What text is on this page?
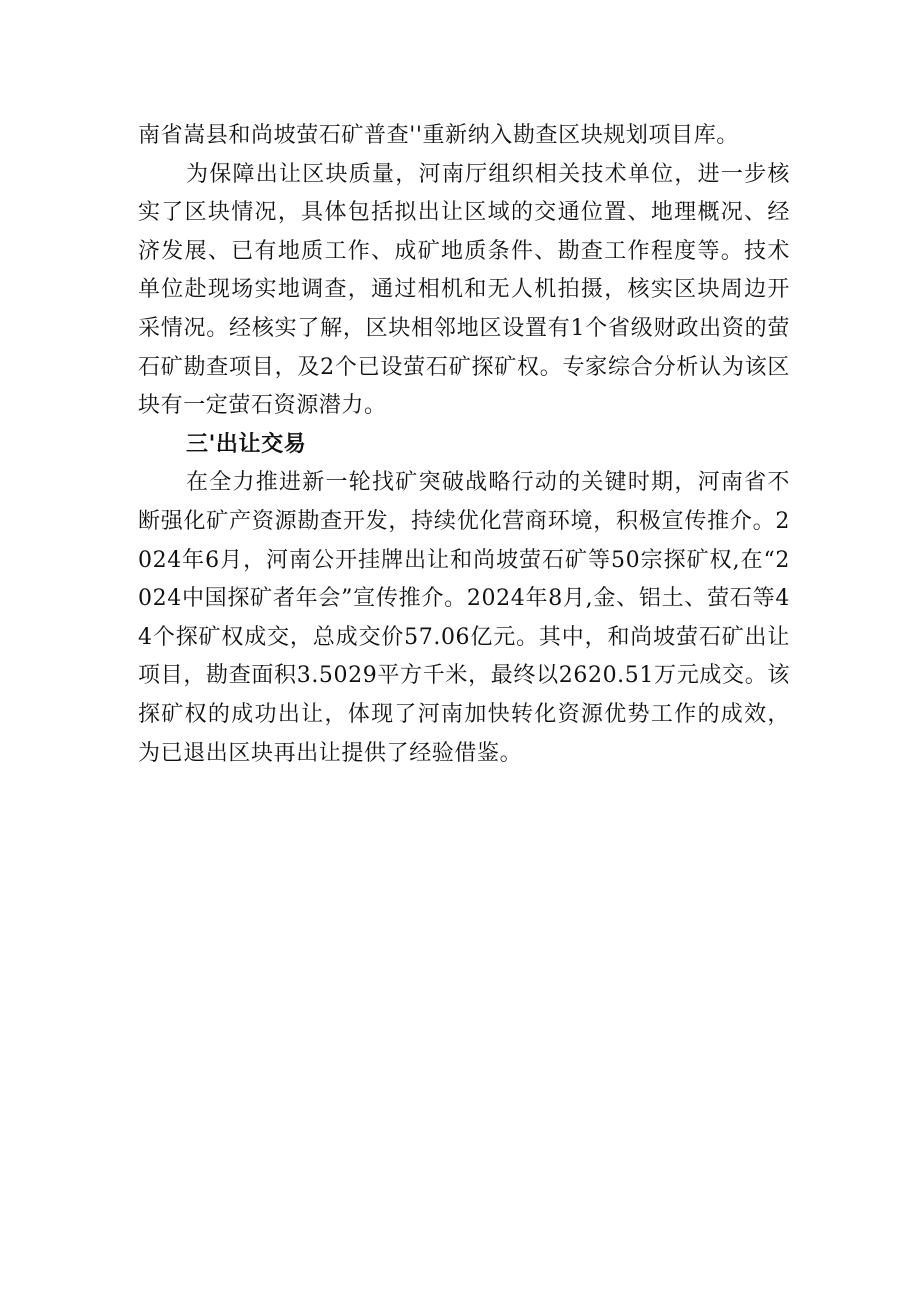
南省嵩县和尚坡萤石矿普查''重新纳入勘查区块规划项目库。

为保障出让区块质量，河南厅组织相关技术单位，进一步核实了区块情况，具体包括拟出让区域的交通位置、地理概况、经济发展、已有地质工作、成矿地质条件、勘查工作程度等。技术单位赴现场实地调查，通过相机和无人机拍摄，核实区块周边开采情况。经核实了解，区块相邻地区设置有1个省级财政出资的萤石矿勘查项目，及2个已设萤石矿探矿权。专家综合分析认为该区块有一定萤石资源潜力。

三'出让交易

在全力推进新一轮找矿突破战略行动的关键时期，河南省不断强化矿产资源勘查开发，持续优化营商环境，积极宣传推介。2024年6月，河南公开挂牌出让和尚坡萤石矿等50宗探矿权,在“2024中国探矿者年会”宣传推介。2024年8月,金、铝土、萤石等44个探矿权成交，总成交价57.06亿元。其中，和尚坡萤石矿出让项目，勘查面积3.5029平方千米，最终以2620.51万元成交。该探矿权的成功出让，体现了河南加快转化资源优势工作的成效，为已退出区块再出让提供了经验借鉴。
